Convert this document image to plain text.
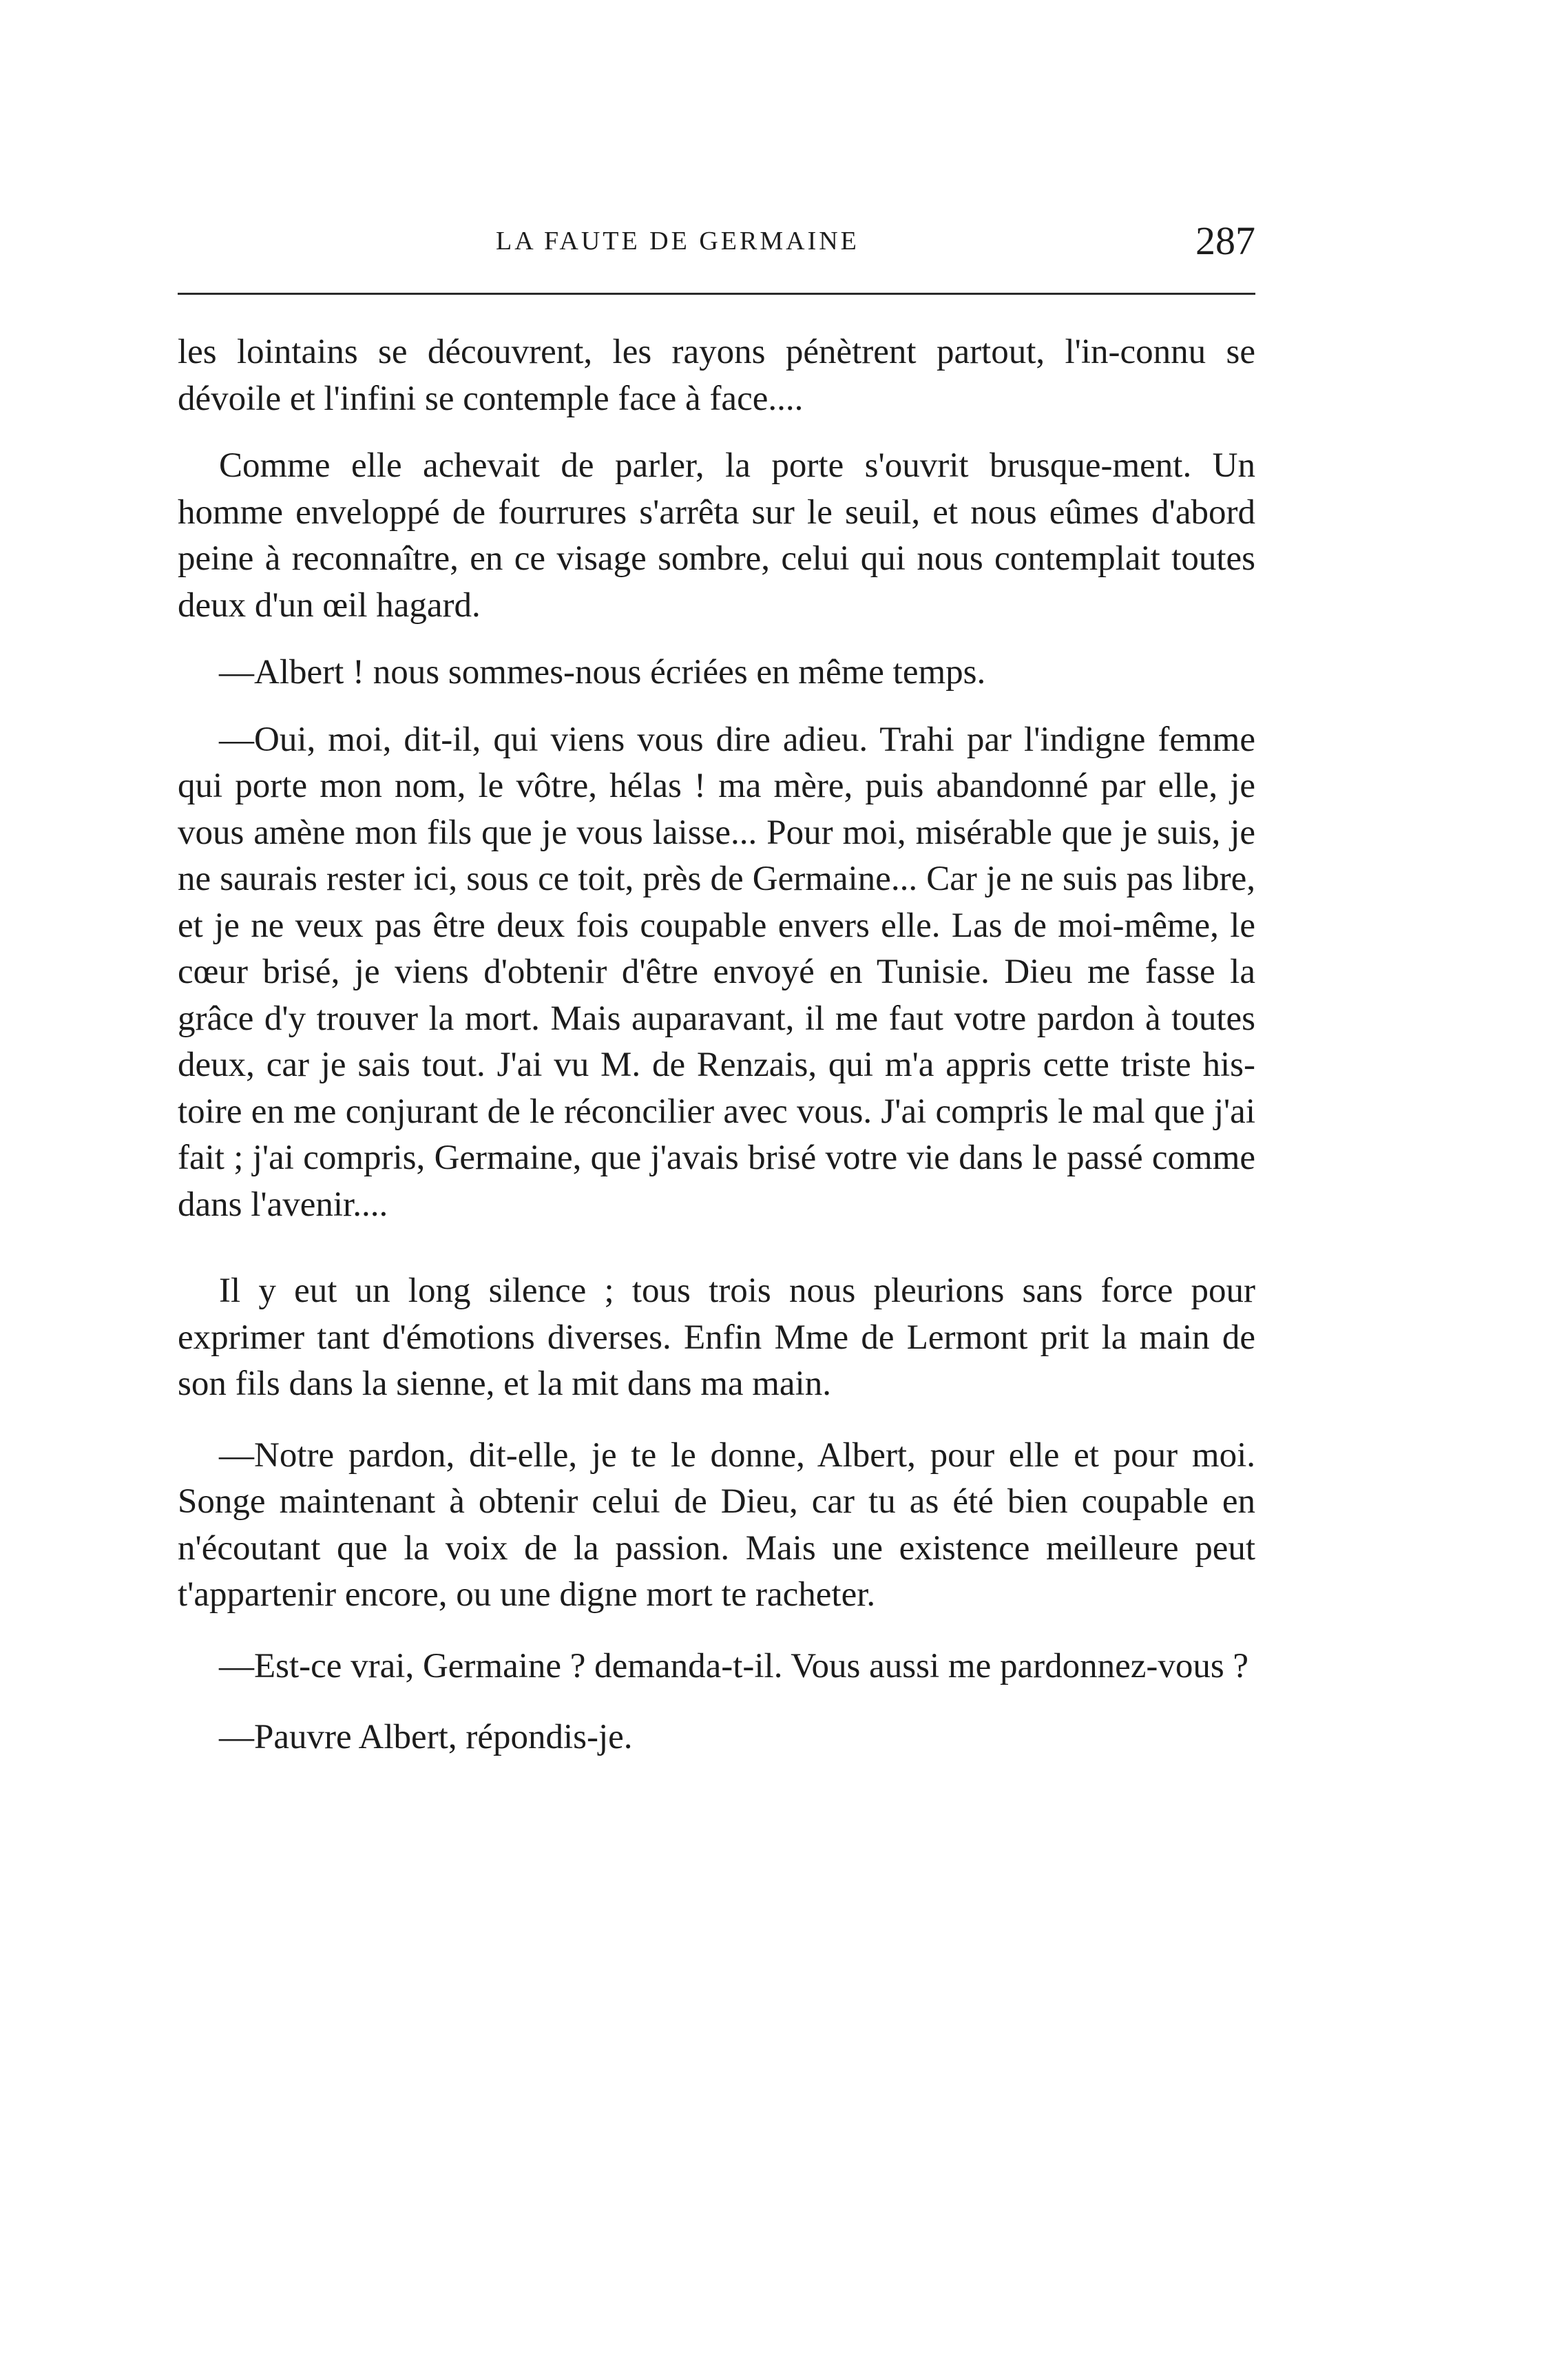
LA FAUTE DE GERMAINE	287

les lointains se découvrent, les rayons pénètrent partout, l'in-connu se dévoile et l'infini se contemple face à face....

Comme elle achevait de parler, la porte s'ouvrit brusque-ment. Un homme enveloppé de fourrures s'arrêta sur le seuil, et nous eûmes d'abord peine à reconnaître, en ce visage sombre, celui qui nous contemplait toutes deux d'un œil hagard.

—Albert ! nous sommes-nous écriées en même temps.

—Oui, moi, dit-il, qui viens vous dire adieu. Trahi par l'indigne femme qui porte mon nom, le vôtre, hélas ! ma mère, puis abandonné par elle, je vous amène mon fils que je vous laisse... Pour moi, misérable que je suis, je ne saurais rester ici, sous ce toit, près de Germaine... Car je ne suis pas libre, et je ne veux pas être deux fois coupable envers elle. Las de moi-même, le cœur brisé, je viens d'obtenir d'être envoyé en Tunisie. Dieu me fasse la grâce d'y trouver la mort. Mais auparavant, il me faut votre pardon à toutes deux, car je sais tout. J'ai vu M. de Renzais, qui m'a appris cette triste his-toire en me conjurant de le réconcilier avec vous. J'ai compris le mal que j'ai fait ; j'ai compris, Germaine, que j'avais brisé votre vie dans le passé comme dans l'avenir....

Il y eut un long silence ; tous trois nous pleurions sans force pour exprimer tant d'émotions diverses. Enfin Mme de Lermont prit la main de son fils dans la sienne, et la mit dans ma main.

—Notre pardon, dit-elle, je te le donne, Albert, pour elle et pour moi. Songe maintenant à obtenir celui de Dieu, car tu as été bien coupable en n'écoutant que la voix de la passion. Mais une existence meilleure peut t'appartenir encore, ou une digne mort te racheter.

—Est-ce vrai, Germaine ? demanda-t-il. Vous aussi me pardonnez-vous ?

—Pauvre Albert, répondis-je.
